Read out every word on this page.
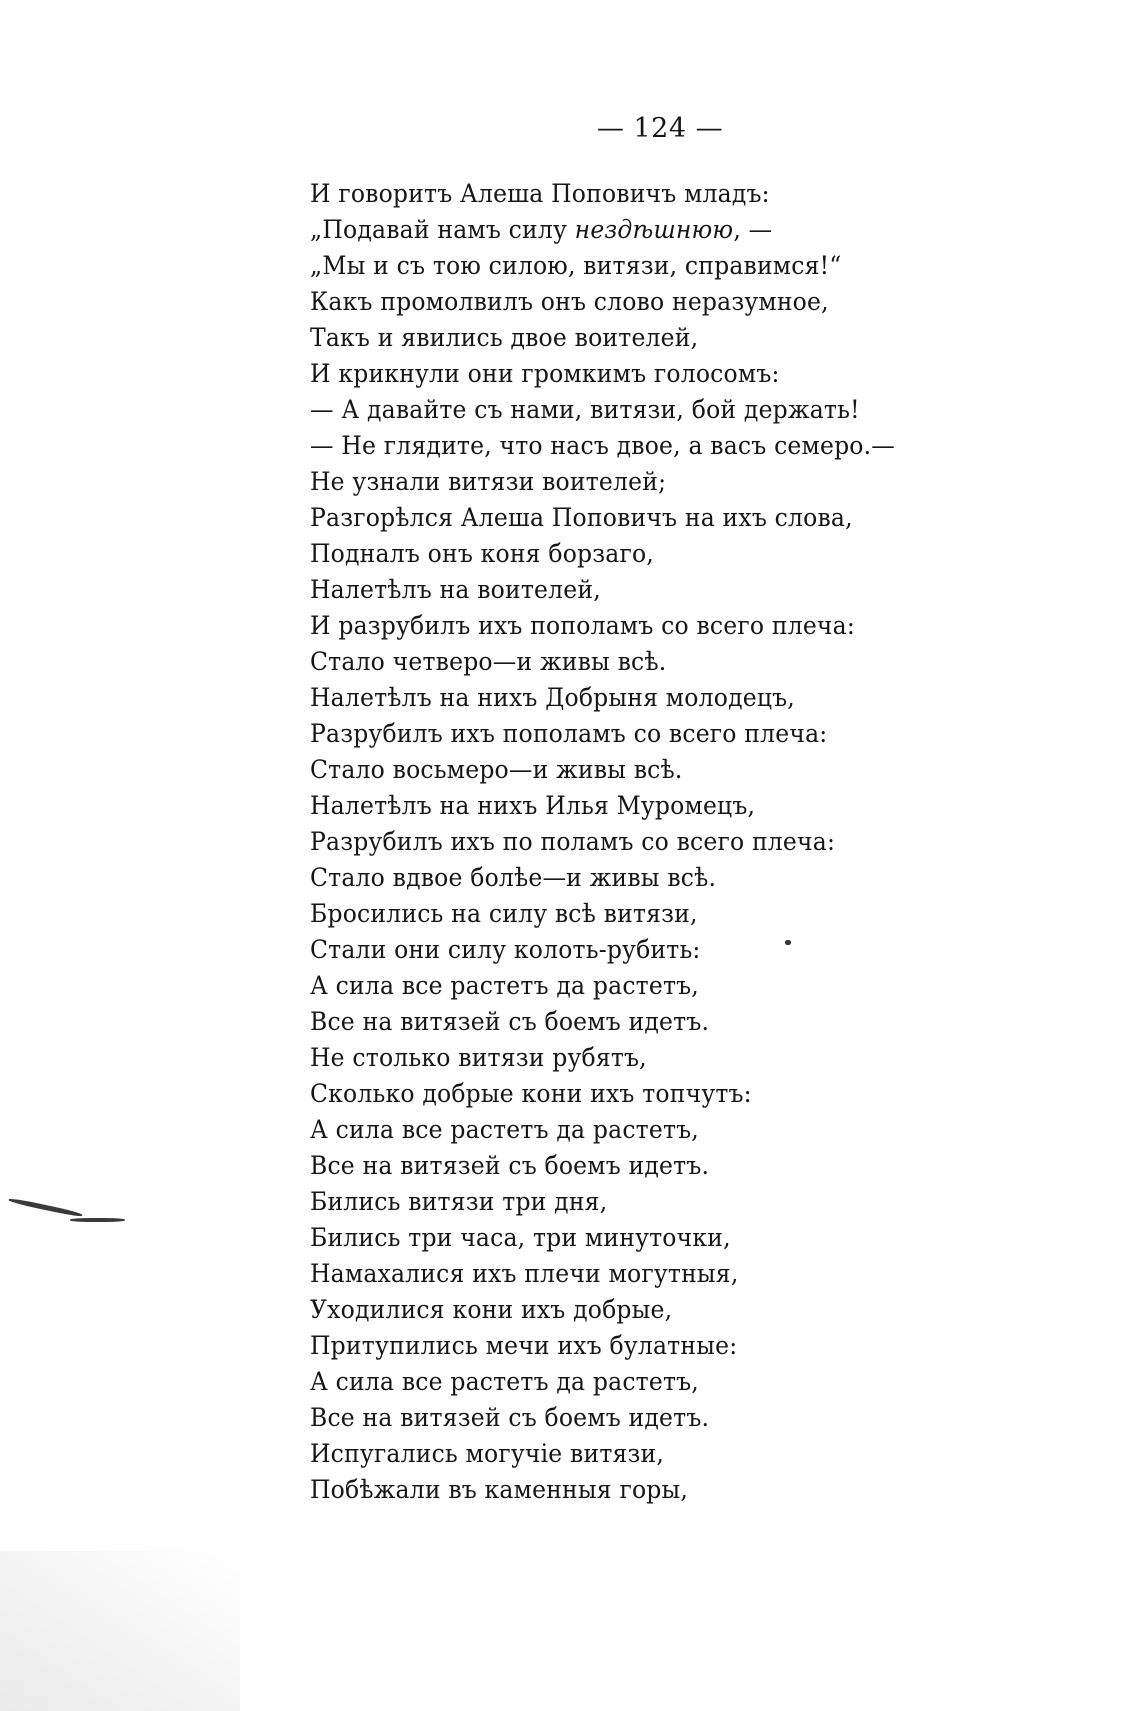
— 124 —
И говоритъ Алеша Поповичъ младъ:
„Подавай намъ силу нездѣшнюю, —
„Мы и съ тою силою, витязи, справимся!“
Какъ промолвилъ онъ слово неразумное,
Такъ и явились двое воителей,
И крикнули они громкимъ голосомъ:
— А давайте съ нами, витязи, бой держать!
— Не глядите, что насъ двое, а васъ семеро.—
Не узнали витязи воителей;
Разгорѣлся Алеша Поповичъ на ихъ слова,
Подналъ онъ коня борзаго,
Налетѣлъ на воителей,
И разрубилъ ихъ пополамъ со всего плеча:
Стало четверо—и живы всѣ.
Налетѣлъ на нихъ Добрыня молодецъ,
Разрубилъ ихъ пополамъ со всего плеча:
Стало восьмеро—и живы всѣ.
Налетѣлъ на нихъ Илья Муромецъ,
Разрубилъ ихъ по поламъ со всего плеча:
Стало вдвое болѣе—и живы всѣ.
Бросились на силу всѣ витязи,
Стали они силу колоть-рубить:
А сила все растетъ да растетъ,
Все на витязей съ боемъ идетъ.
Не столько витязи рубятъ,
Сколько добрые кони ихъ топчутъ:
А сила все растетъ да растетъ,
Все на витязей съ боемъ идетъ.
Бились витязи три дня,
Бились три часа, три минуточки,
Намахалися ихъ плечи могутныя,
Уходилися кони ихъ добрые,
Притупились мечи ихъ булатные:
А сила все растетъ да растетъ,
Все на витязей съ боемъ идетъ.
Испугались могучіе витязи,
Побѣжали въ каменныя горы,
